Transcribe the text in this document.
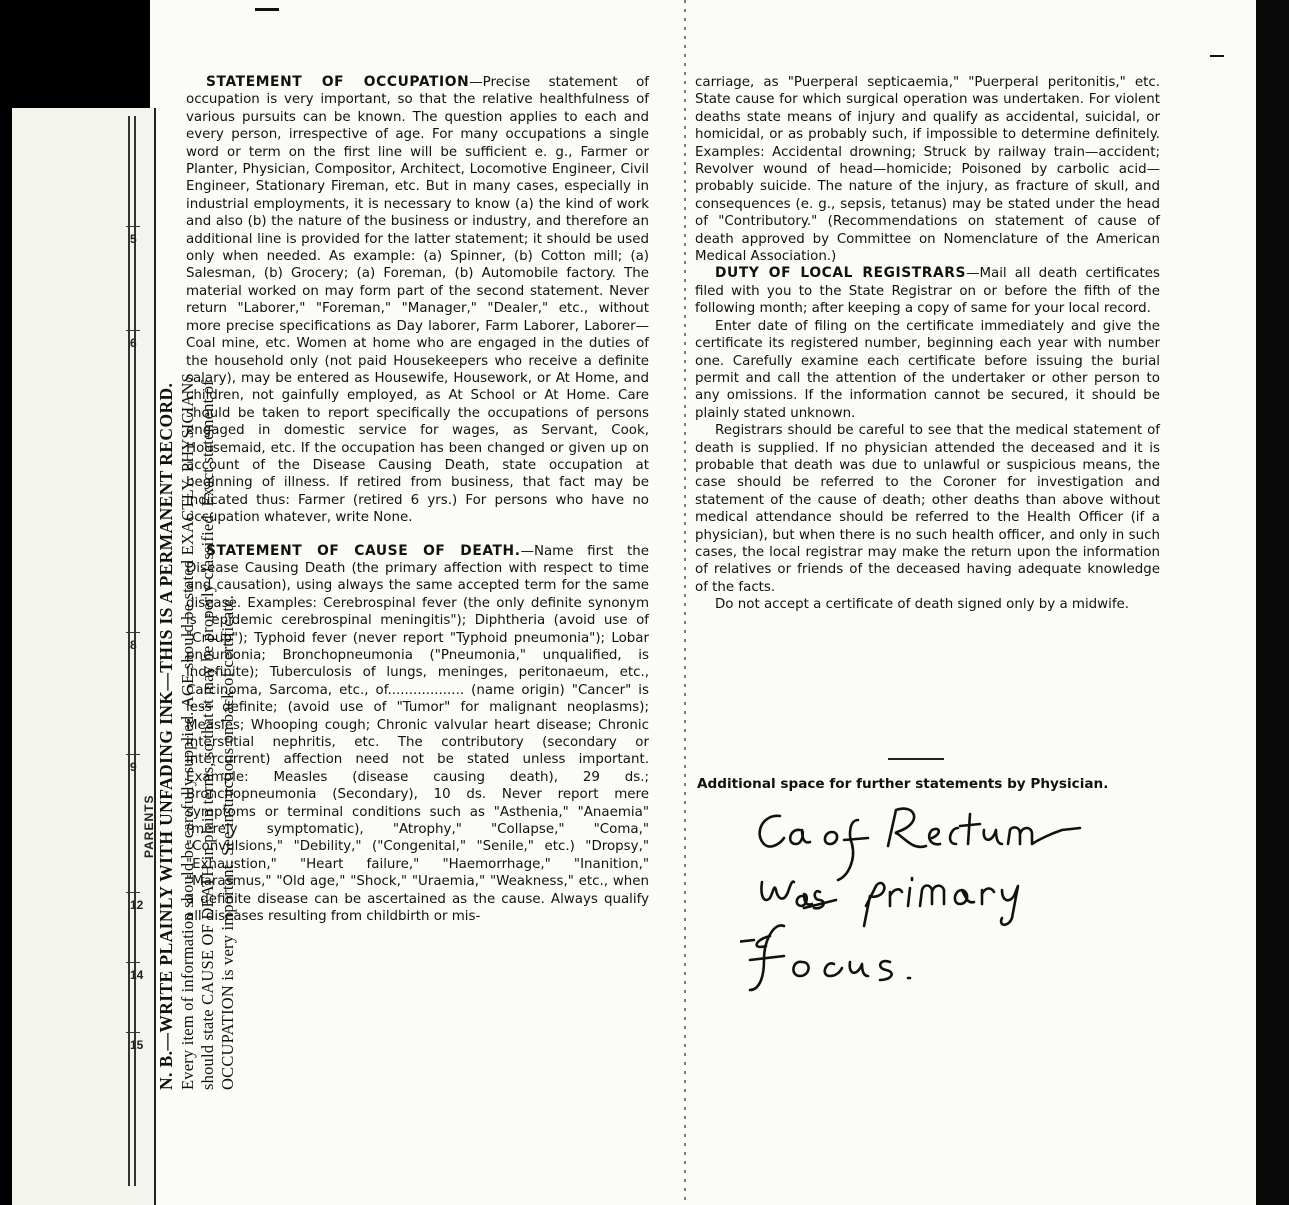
N. B.—WRITE PLAINLY WITH UNFADING INK—THIS IS A PERMANENT RECORD. Every item of information should be carefully supplied. AGE should be stated EXACTLY. PHYSICIANS should state CAUSE OF DEATH in plain terms, so that it may be properly classified. Exact statement of OCCUPATION is very important. See instructions on back of certificate.
5
6
8
9
12
14
15
PARENTS

STATEMENT OF OCCUPATION—Precise statement of occupation is very important, so that the relative healthfulness of various pursuits can be known. The question applies to each and every person, irrespective of age. For many occupations a single word or term on the first line will be sufficient e. g., Farmer or Planter, Physician, Compositor, Architect, Locomotive Engineer, Civil Engineer, Stationary Fireman, etc. But in many cases, especially in industrial employments, it is necessary to know (a) the kind of work and also (b) the nature of the business or industry, and therefore an additional line is provided for the latter statement; it should be used only when needed. As example: (a) Spinner, (b) Cotton mill; (a) Salesman, (b) Grocery; (a) Foreman, (b) Automobile factory. The material worked on may form part of the second statement. Never return "Laborer," "Foreman," "Manager," "Dealer," etc., without more precise specifications as Day laborer, Farm Laborer, Laborer—Coal mine, etc. Women at home who are engaged in the duties of the household only (not paid Housekeepers who receive a definite salary), may be entered as Housewife, Housework, or At Home, and children, not gainfully employed, as At School or At Home. Care should be taken to report specifically the occupations of persons engaged in domestic service for wages, as Servant, Cook, Housemaid, etc. If the occupation has been changed or given up on account of the Disease Causing Death, state occupation at beginning of illness. If retired from business, that fact may be indicated thus: Farmer (retired 6 yrs.) For persons who have no occupation whatever, write None.

STATEMENT OF CAUSE OF DEATH.—Name first the Disease Causing Death (the primary affection with respect to time and causation), using always the same accepted term for the same disease. Examples: Cerebrospinal fever (the only definite synonym is "epidemic cerebrospinal meningitis"); Diphtheria (avoid use of "Croup"); Typhoid fever (never report "Typhoid pneumonia"); Lobar pneumonia; Bronchopneumonia ("Pneumonia," unqualified, is indefinite); Tuberculosis of lungs, meninges, peritonaeum, etc., Carcinoma, Sarcoma, etc., of.................. (name origin) "Cancer" is less definite; (avoid use of "Tumor" for malignant neoplasms); Measles; Whooping cough; Chronic valvular heart disease; Chronic interstitial nephritis, etc. The contributory (secondary or intercurrent) affection need not be stated unless important. Example: Measles (disease causing death), 29 ds.; Bronchopneumonia (Secondary), 10 ds. Never report mere symptoms or terminal conditions such as "Asthenia," "Anaemia" (merely symptomatic), "Atrophy," "Collapse," "Coma," "Convulsions," "Debility," ("Congenital," "Senile," etc.) "Dropsy," "Exhaustion," "Heart failure," "Haemorrhage," "Inanition," "Marasmus," "Old age," "Shock," "Uraemia," "Weakness," etc., when a definite disease can be ascertained as the cause. Always qualify all diseases resulting from childbirth or mis-

carriage, as "Puerperal septicaemia," "Puerperal peritonitis," etc. State cause for which surgical operation was undertaken. For violent deaths state means of injury and qualify as accidental, suicidal, or homicidal, or as probably such, if impossible to determine definitely. Examples: Accidental drowning; Struck by railway train—accident; Revolver wound of head—homicide; Poisoned by carbolic acid—probably suicide. The nature of the injury, as fracture of skull, and consequences (e. g., sepsis, tetanus) may be stated under the head of "Contributory." (Recommendations on statement of cause of death approved by Committee on Nomenclature of the American Medical Association.)

DUTY OF LOCAL REGISTRARS—Mail all death certificates filed with you to the State Registrar on or before the fifth of the following month; after keeping a copy of same for your local record.

Enter date of filing on the certificate immediately and give the certificate its registered number, beginning each year with number one. Carefully examine each certificate before issuing the burial permit and call the attention of the undertaker or other person to any omissions. If the information cannot be secured, it should be plainly stated unknown.

Registrars should be careful to see that the medical statement of death is supplied. If no physician attended the deceased and it is probable that death was due to unlawful or suspicious means, the case should be referred to the Coroner for investigation and statement of the cause of death; other deaths than above without medical attendance should be referred to the Health Officer (if a physician), but when there is no such health officer, and only in such cases, the local registrar may make the return upon the information of relatives or friends of the deceased having adequate knowledge of the facts.

Do not accept a certificate of death signed only by a midwife.

Additional space for further statements by Physician.
